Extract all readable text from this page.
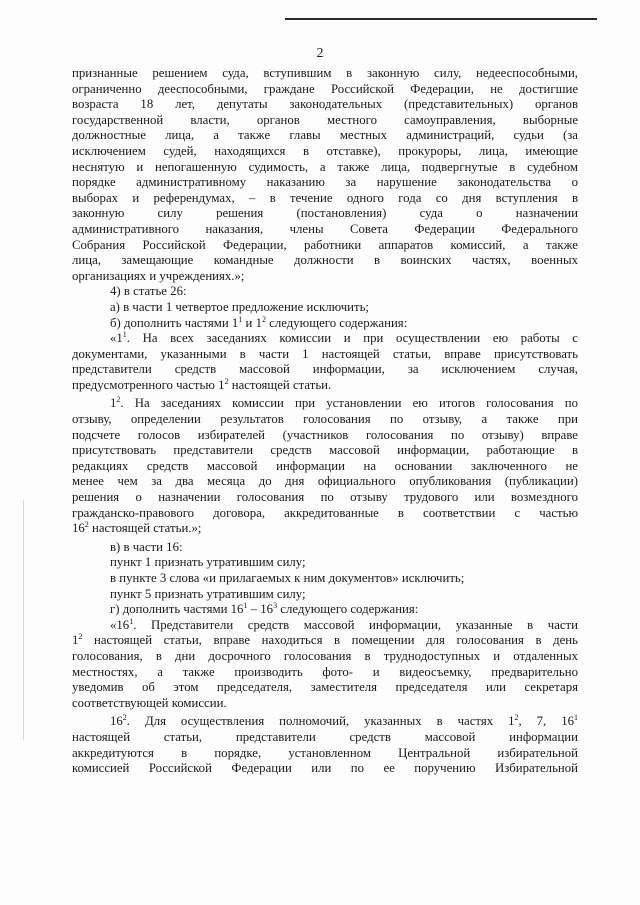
2
признанные решением суда, вступившим в законную силу, недееспособными,
ограниченно дееспособными, граждане Российской Федерации, не достигшие
возраста 18 лет, депутаты законодательных (представительных) органов
государственной власти, органов местного самоуправления, выборные
должностные лица, а также главы местных администраций, судьи (за
исключением судей, находящихся в отставке), прокуроры, лица, имеющие
неснятую и непогашенную судимость, а также лица, подвергнутые в судебном
порядке административному наказанию за нарушение законодательства о
выборах и референдумах, – в течение одного года со дня вступления в
законную силу решения (постановления) суда о назначении
административного наказания, члены Совета Федерации Федерального
Собрания Российской Федерации, работники аппаратов комиссий, а также
лица, замещающие командные должности в воинских частях, военных
организациях и учреждениях.»;
4) в статье 26:
а) в части 1 четвертое предложение исключить;
б) дополнить частями $1^1$ и $1^2$ следующего содержания:
«$1^1$. На всех заседаниях комиссии и при осуществлении ею работы с
документами, указанными в части 1 настоящей статьи, вправе присутствовать
представители средств массовой информации, за исключением случая,
предусмотренного частью $1^2$ настоящей статьи.
$1^2$. На заседаниях комиссии при установлении ею итогов голосования по
отзыву, определении результатов голосования по отзыву, а также при
подсчете голосов избирателей (участников голосования по отзыву) вправе
присутствовать представители средств массовой информации, работающие в
редакциях средств массовой информации на основании заключенного не
менее чем за два месяца до дня официального опубликования (публикации)
решения о назначении голосования по отзыву трудового или возмездного
гражданско-правового договора, аккредитованные в соответствии с частью
$16^2$ настоящей статьи.»;
в) в части 16:
пункт 1 признать утратившим силу;
в пункте 3 слова «и прилагаемых к ним документов» исключить;
пункт 5 признать утратившим силу;
г) дополнить частями $16^1 - 16^3$ следующего содержания:
«$16^1$. Представители средств массовой информации, указанные в части
$1^2$ настоящей статьи, вправе находиться в помещении для голосования в день
голосования, в дни досрочного голосования в труднодоступных и отдаленных
местностях, а также производить фото- и видеосъемку, предварительно
уведомив об этом председателя, заместителя председателя или секретаря
соответствующей комиссии.
$16^2$. Для осуществления полномочий, указанных в частях $1^2$, 7, $16^1$
настоящей статьи, представители средств массовой информации
аккредитуются в порядке, установленном Центральной избирательной
комиссией Российской Федерации или по ее поручению Избирательной
